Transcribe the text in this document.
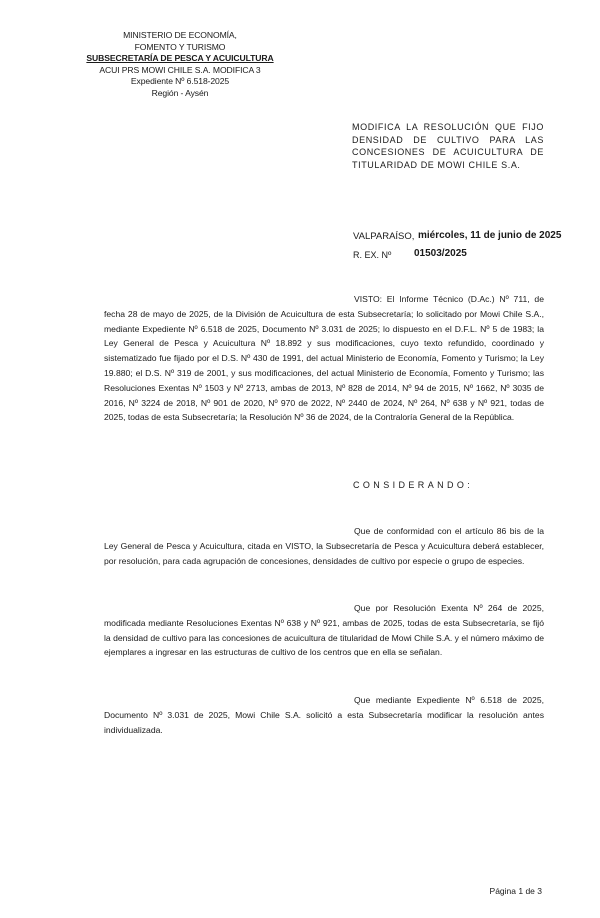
MINISTERIO DE ECONOMÍA,
FOMENTO Y TURISMO
SUBSECRETARÍA DE PESCA Y ACUICULTURA
ACUI PRS MOWI CHILE S.A. MODIFICA 3
Expediente Nº 6.518-2025
Región - Aysén
MODIFICA LA RESOLUCIÓN QUE FIJO DENSIDAD DE CULTIVO PARA LAS CONCESIONES DE ACUICULTURA DE TITULARIDAD DE MOWI CHILE S.A.
VALPARAÍSO, miércoles, 11 de junio de 2025
R. EX. Nº 01503/2025

VISTO: El Informe Técnico (D.Ac.) Nº 711, de fecha 28 de mayo de 2025, de la División de Acuicultura de esta Subsecretaría; lo solicitado por Mowi Chile S.A., mediante Expediente Nº 6.518 de 2025, Documento Nº 3.031 de 2025; lo dispuesto en el D.F.L. Nº 5 de 1983; la Ley General de Pesca y Acuicultura Nº 18.892 y sus modificaciones, cuyo texto refundido, coordinado y sistematizado fue fijado por el D.S. Nº 430 de 1991, del actual Ministerio de Economía, Fomento y Turismo; la Ley 19.880; el D.S. Nº 319 de 2001, y sus modificaciones, del actual Ministerio de Economía, Fomento y Turismo; las Resoluciones Exentas Nº 1503 y Nº 2713, ambas de 2013, Nº 828 de 2014, Nº 94 de 2015, Nº 1662, Nº 3035 de 2016, Nº 3224 de 2018, Nº 901 de 2020, Nº 970 de 2022, Nº 2440 de 2024, Nº 264, Nº 638 y Nº 921, todas de 2025, todas de esta Subsecretaría; la Resolución Nº 36 de 2024, de la Contraloría General de la República.

CONSIDERANDO:

Que de conformidad con el artículo 86 bis de la Ley General de Pesca y Acuicultura, citada en VISTO, la Subsecretaría de Pesca y Acuicultura deberá establecer, por resolución, para cada agrupación de concesiones, densidades de cultivo por especie o grupo de especies.

Que por Resolución Exenta Nº 264 de 2025, modificada mediante Resoluciones Exentas Nº 638 y Nº 921, ambas de 2025, todas de esta Subsecretaría, se fijó la densidad de cultivo para las concesiones de acuicultura de titularidad de Mowi Chile S.A. y el número máximo de ejemplares a ingresar en las estructuras de cultivo de los centros que en ella se señalan.

Que mediante Expediente Nº 6.518 de 2025, Documento Nº 3.031 de 2025, Mowi Chile S.A. solicitó a esta Subsecretaría modificar la resolución antes individualizada.

Página 1 de 3
